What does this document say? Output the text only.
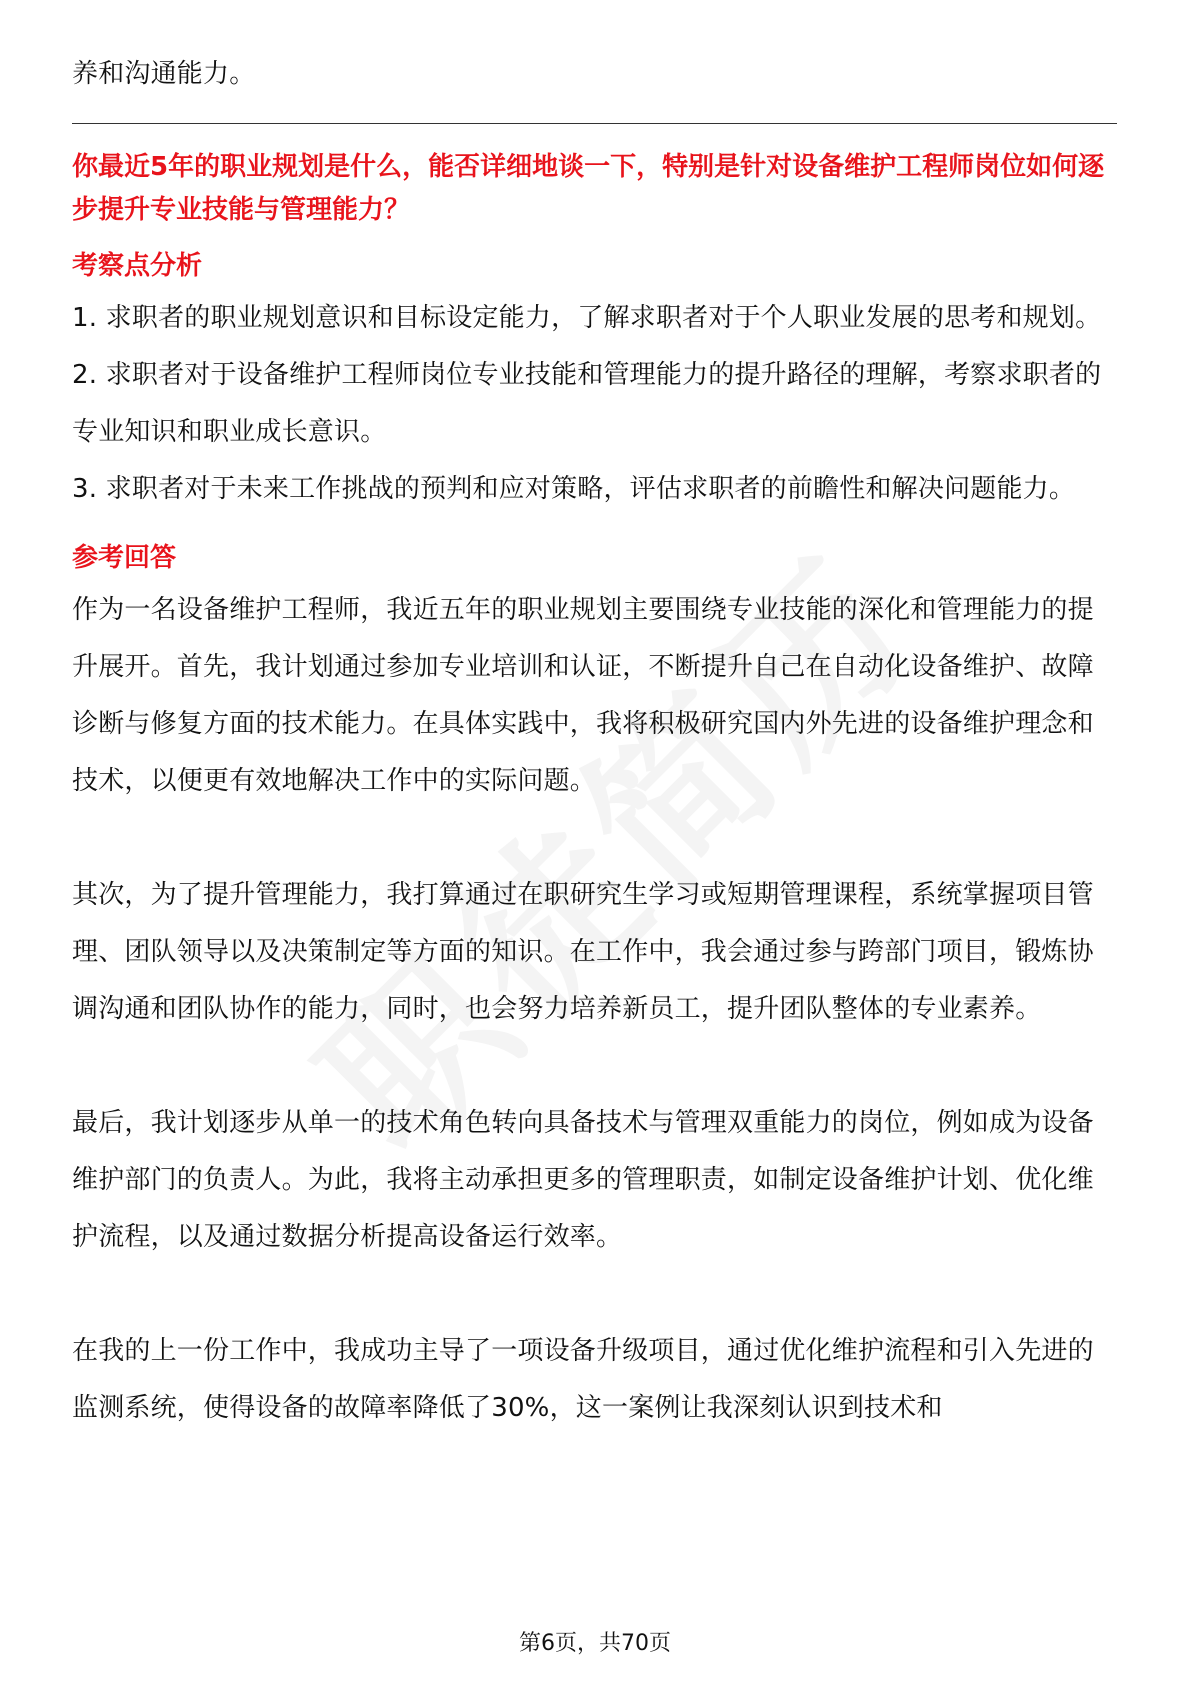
养和沟通能力。

你最近5年的职业规划是什么，能否详细地谈一下，特别是针对设备维护工程师岗位如何逐步提升专业技能与管理能力？

考察点分析

1. 求职者的职业规划意识和目标设定能力，了解求职者对于个人职业发展的思考和规划。

2. 求职者对于设备维护工程师岗位专业技能和管理能力的提升路径的理解，考察求职者的专业知识和职业成长意识。

3. 求职者对于未来工作挑战的预判和应对策略，评估求职者的前瞻性和解决问题能力。

参考回答

作为一名设备维护工程师，我近五年的职业规划主要围绕专业技能的深化和管理能力的提升展开。首先，我计划通过参加专业培训和认证，不断提升自己在自动化设备维护、故障诊断与修复方面的技术能力。在具体实践中，我将积极研究国内外先进的设备维护理念和技术，以便更有效地解决工作中的实际问题。

其次，为了提升管理能力，我打算通过在职研究生学习或短期管理课程，系统掌握项目管理、团队领导以及决策制定等方面的知识。在工作中，我会通过参与跨部门项目，锻炼协调沟通和团队协作的能力，同时，也会努力培养新员工，提升团队整体的专业素养。

最后，我计划逐步从单一的技术角色转向具备技术与管理双重能力的岗位，例如成为设备维护部门的负责人。为此，我将主动承担更多的管理职责，如制定设备维护计划、优化维护流程，以及通过数据分析提高设备运行效率。

在我的上一份工作中，我成功主导了一项设备升级项目，通过优化维护流程和引入先进的监测系统，使得设备的故障率降低了30%，这一案例让我深刻认识到技术和

第6页，共70页
